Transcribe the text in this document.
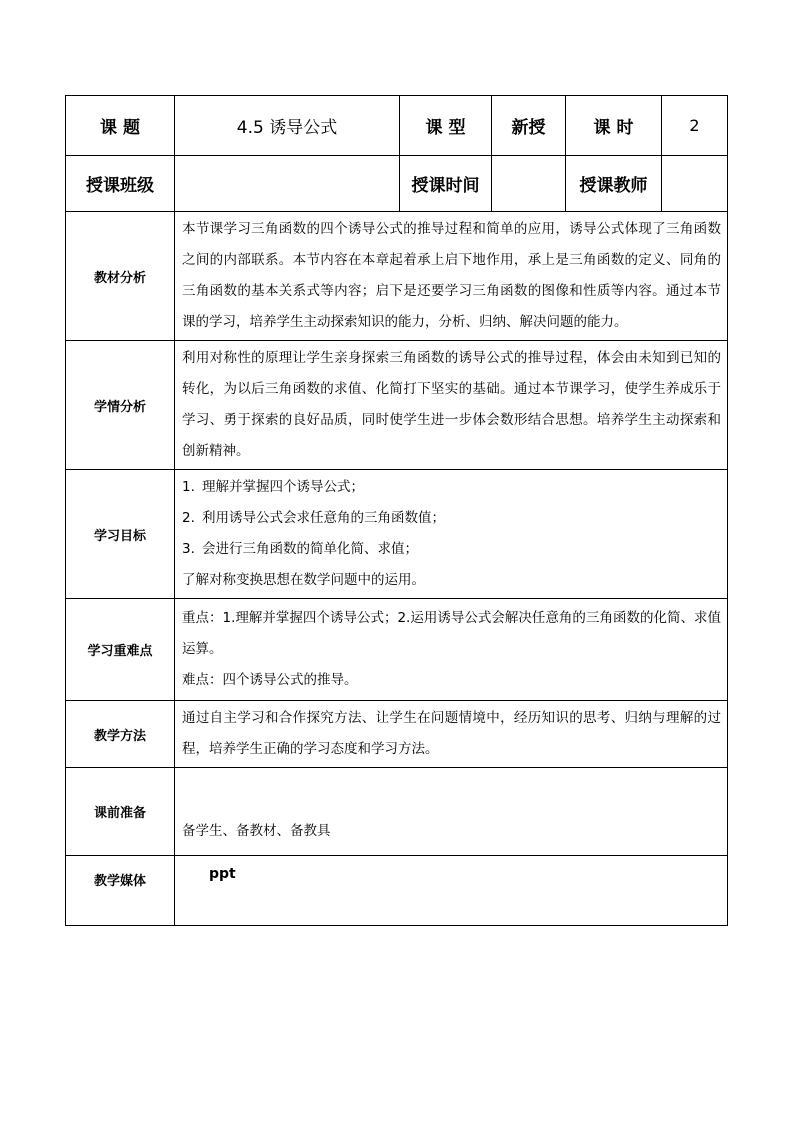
课 题	4.5 诱导公式	课 型	新授	课 时	2
授课班级		授课时间		授课教师	
教材分析	本节课学习三角函数的四个诱导公式的推导过程和简单的应用，诱导公式体现了三角函数之间的内部联系。本节内容在本章起着承上启下地作用，承上是三角函数的定义、同角的三角函数的基本关系式等内容；启下是还要学习三角函数的图像和性质等内容。通过本节课的学习，培养学生主动探索知识的能力，分析、归纳、解决问题的能力。				
学情分析	利用对称性的原理让学生亲身探索三角函数的诱导公式的推导过程，体会由未知到已知的转化，为以后三角函数的求值、化简打下坚实的基础。通过本节课学习，使学生养成乐于学习、勇于探索的良好品质，同时使学生进一步体会数形结合思想。培养学生主动探索和创新精神。				
学习目标	1. 理解并掌握四个诱导公式；
2. 利用诱导公式会求任意角的三角函数值；
3. 会进行三角函数的简单化简、求值；
了解对称变换思想在数学问题中的运用。				

学习重难点	重点：1.理解并掌握四个诱导公式；2.运用诱导公式会解决任意角的三角函数的化简、求值运算。
难点：四个诱导公式的推导。				

教学方法	通过自主学习和合作探究方法、让学生在问题情境中，经历知识的思考、归纳与理解的过程，培养学生正确的学习态度和学习方法。				
课前准备	备学生、备教材、备教具				
教学媒体	ppt				
